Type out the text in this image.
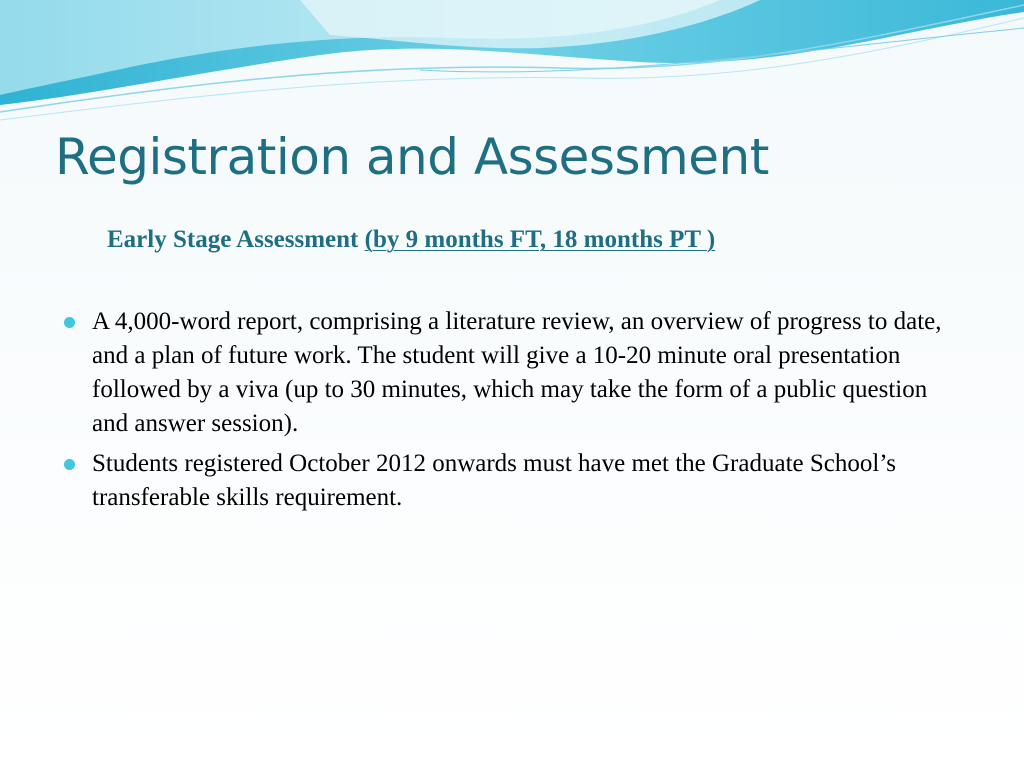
Registration and Assessment

Early Stage Assessment (by 9 months FT, 18 months PT )

A 4,000-word report, comprising a literature review, an overview of progress to date, and a plan of future work. The student will give a 10-20 minute oral presentation followed by a viva (up to 30 minutes, which may take the form of a public question and answer session).
Students registered October 2012 onwards must have met the Graduate School’s transferable skills requirement.
